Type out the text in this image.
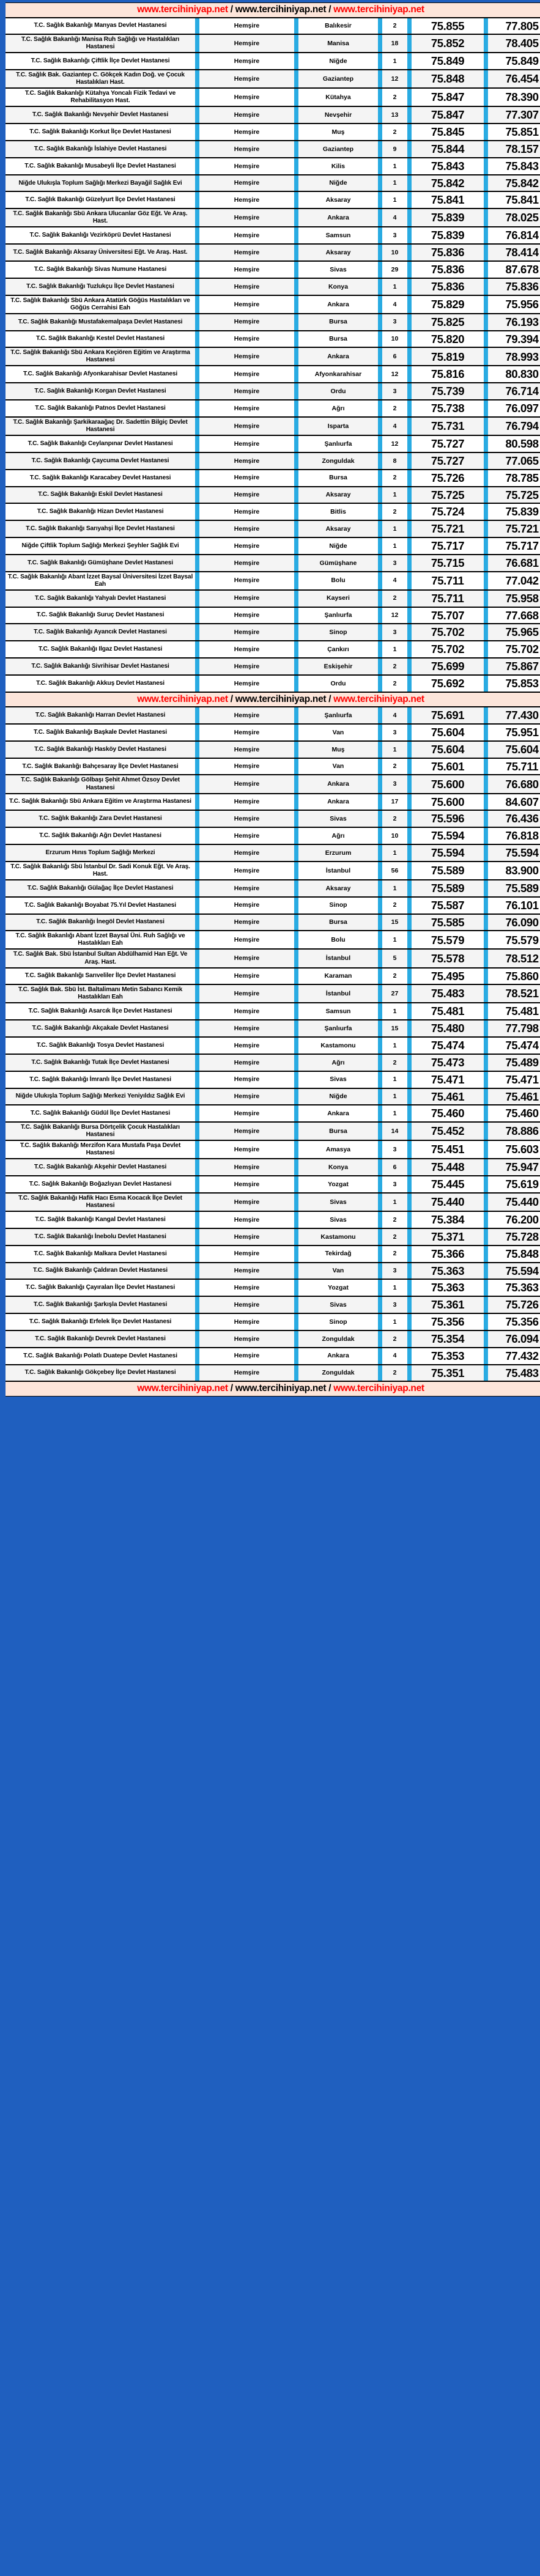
www.tercihiniyap.net / www.tercihiniyap.net / www.tercihiniyap.net										
T.C. Sağlık Bakanlığı Manyas Devlet Hastanesi		Hemşire		Balıkesir		2		75.855		77.805
T.C. Sağlık Bakanlığı Manisa Ruh Sağlığı ve Hastalıkları Hastanesi		Hemşire		Manisa		18		75.852		78.405
T.C. Sağlık Bakanlığı Çiftlik İlçe Devlet Hastanesi		Hemşire		Niğde		1		75.849		75.849
T.C. Sağlık Bak. Gaziantep C. Gökçek Kadın Doğ. ve Çocuk Hastalıkları Hast.		Hemşire		Gaziantep		12		75.848		76.454
T.C. Sağlık Bakanlığı Kütahya Yoncalı Fizik Tedavi ve Rehabilitasyon Hast.		Hemşire		Kütahya		2		75.847		78.390
T.C. Sağlık Bakanlığı Nevşehir Devlet Hastanesi		Hemşire		Nevşehir		13		75.847		77.307
T.C. Sağlık Bakanlığı Korkut İlçe Devlet Hastanesi		Hemşire		Muş		2		75.845		75.851
T.C. Sağlık Bakanlığı İslahiye Devlet Hastanesi		Hemşire		Gaziantep		9		75.844		78.157
T.C. Sağlık Bakanlığı Musabeyli İlçe Devlet Hastanesi		Hemşire		Kilis		1		75.843		75.843
Niğde Ulukışla Toplum Sağlığı Merkezi Bayağil Sağlık Evi		Hemşire		Niğde		1		75.842		75.842
T.C. Sağlık Bakanlığı Güzelyurt İlçe Devlet Hastanesi		Hemşire		Aksaray		1		75.841		75.841
T.C. Sağlık Bakanlığı Sbü Ankara Ulucanlar Göz Eğt. Ve Araş. Hast.		Hemşire		Ankara		4		75.839		78.025
T.C. Sağlık Bakanlığı Vezirköprü Devlet Hastanesi		Hemşire		Samsun		3		75.839		76.814
T.C. Sağlık Bakanlığı Aksaray Üniversitesi Eğt. Ve Araş. Hast.		Hemşire		Aksaray		10		75.836		78.414
T.C. Sağlık Bakanlığı Sivas Numune Hastanesi		Hemşire		Sivas		29		75.836		87.678
T.C. Sağlık Bakanlığı Tuzlukçu İlçe Devlet Hastanesi		Hemşire		Konya		1		75.836		75.836
T.C. Sağlık Bakanlığı Sbü Ankara Atatürk Göğüs Hastalıkları ve Göğüs Cerrahisi Eah		Hemşire		Ankara		4		75.829		75.956
T.C. Sağlık Bakanlığı Mustafakemalpaşa Devlet Hastanesi		Hemşire		Bursa		3		75.825		76.193
T.C. Sağlık Bakanlığı Kestel Devlet Hastanesi		Hemşire		Bursa		10		75.820		79.394
T.C. Sağlık Bakanlığı Sbü Ankara Keçiören Eğitim ve Araştırma Hastanesi		Hemşire		Ankara		6		75.819		78.993
T.C. Sağlık Bakanlığı Afyonkarahisar Devlet Hastanesi		Hemşire		Afyonkarahisar		12		75.816		80.830
T.C. Sağlık Bakanlığı Korgan Devlet Hastanesi		Hemşire		Ordu		3		75.739		76.714
T.C. Sağlık Bakanlığı Patnos Devlet Hastanesi		Hemşire		Ağrı		2		75.738		76.097
T.C. Sağlık Bakanlığı Şarkikaraağaç Dr. Sadettin Bilgiç Devlet Hastanesi		Hemşire		Isparta		4		75.731		76.794
T.C. Sağlık Bakanlığı Ceylanpınar Devlet Hastanesi		Hemşire		Şanlıurfa		12		75.727		80.598
T.C. Sağlık Bakanlığı Çaycuma Devlet Hastanesi		Hemşire		Zonguldak		8		75.727		77.065
T.C. Sağlık Bakanlığı Karacabey Devlet Hastanesi		Hemşire		Bursa		2		75.726		78.785
T.C. Sağlık Bakanlığı Eskil Devlet Hastanesi		Hemşire		Aksaray		1		75.725		75.725
T.C. Sağlık Bakanlığı Hizan Devlet Hastanesi		Hemşire		Bitlis		2		75.724		75.839
T.C. Sağlık Bakanlığı Sarıyahşi İlçe Devlet Hastanesi		Hemşire		Aksaray		1		75.721		75.721
Niğde Çiftlik Toplum Sağlığı Merkezi Şeyhler Sağlık Evi		Hemşire		Niğde		1		75.717		75.717
T.C. Sağlık Bakanlığı Gümüşhane Devlet Hastanesi		Hemşire		Gümüşhane		3		75.715		76.681
T.C. Sağlık Bakanlığı Abant İzzet Baysal Üniversitesi İzzet Baysal Eah		Hemşire		Bolu		4		75.711		77.042
T.C. Sağlık Bakanlığı Yahyalı Devlet Hastanesi		Hemşire		Kayseri		2		75.711		75.958
T.C. Sağlık Bakanlığı Suruç Devlet Hastanesi		Hemşire		Şanlıurfa		12		75.707		77.668
T.C. Sağlık Bakanlığı Ayancık Devlet Hastanesi		Hemşire		Sinop		3		75.702		75.965
T.C. Sağlık Bakanlığı Ilgaz Devlet Hastanesi		Hemşire		Çankırı		1		75.702		75.702
T.C. Sağlık Bakanlığı Sivrihisar Devlet Hastanesi		Hemşire		Eskişehir		2		75.699		75.867
T.C. Sağlık Bakanlığı Akkuş Devlet Hastanesi		Hemşire		Ordu		2		75.692		75.853
www.tercihiniyap.net / www.tercihiniyap.net / www.tercihiniyap.net										
T.C. Sağlık Bakanlığı Harran Devlet Hastanesi		Hemşire		Şanlıurfa		4		75.691		77.430
T.C. Sağlık Bakanlığı Başkale Devlet Hastanesi		Hemşire		Van		3		75.604		75.951
T.C. Sağlık Bakanlığı Hasköy Devlet Hastanesi		Hemşire		Muş		1		75.604		75.604
T.C. Sağlık Bakanlığı Bahçesaray İlçe Devlet Hastanesi		Hemşire		Van		2		75.601		75.711
T.C. Sağlık Bakanlığı Gölbaşı Şehit Ahmet Özsoy Devlet Hastanesi		Hemşire		Ankara		3		75.600		76.680
T.C. Sağlık Bakanlığı Sbü Ankara Eğitim ve Araştırma Hastanesi		Hemşire		Ankara		17		75.600		84.607
T.C. Sağlık Bakanlığı Zara Devlet Hastanesi		Hemşire		Sivas		2		75.596		76.436
T.C. Sağlık Bakanlığı Ağrı Devlet Hastanesi		Hemşire		Ağrı		10		75.594		76.818
Erzurum Hınıs Toplum Sağlığı Merkezi		Hemşire		Erzurum		1		75.594		75.594
T.C. Sağlık Bakanlığı Sbü İstanbul Dr. Sadi Konuk Eğt. Ve Araş. Hast.		Hemşire		İstanbul		56		75.589		83.900
T.C. Sağlık Bakanlığı Gülağaç İlçe Devlet Hastanesi		Hemşire		Aksaray		1		75.589		75.589
T.C. Sağlık Bakanlığı Boyabat 75.Yıl Devlet Hastanesi		Hemşire		Sinop		2		75.587		76.101
T.C. Sağlık Bakanlığı İnegöl Devlet Hastanesi		Hemşire		Bursa		15		75.585		76.090
T.C. Sağlık Bakanlığı Abant İzzet Baysal Üni. Ruh Sağlığı ve Hastalıkları Eah		Hemşire		Bolu		1		75.579		75.579
T.C. Sağlık Bak. Sbü İstanbul Sultan Abdülhamid Han Eğt. Ve Araş. Hast.		Hemşire		İstanbul		5		75.578		78.512
T.C. Sağlık Bakanlığı Sarıveliler İlçe Devlet Hastanesi		Hemşire		Karaman		2		75.495		75.860
T.C. Sağlık Bak. Sbü İst. Baltalimanı Metin Sabancı Kemik Hastalıkları Eah		Hemşire		İstanbul		27		75.483		78.521
T.C. Sağlık Bakanlığı Asarcık İlçe Devlet Hastanesi		Hemşire		Samsun		1		75.481		75.481
T.C. Sağlık Bakanlığı Akçakale Devlet Hastanesi		Hemşire		Şanlıurfa		15		75.480		77.798
T.C. Sağlık Bakanlığı Tosya Devlet Hastanesi		Hemşire		Kastamonu		1		75.474		75.474
T.C. Sağlık Bakanlığı Tutak İlçe Devlet Hastanesi		Hemşire		Ağrı		2		75.473		75.489
T.C. Sağlık Bakanlığı İmranlı İlçe Devlet Hastanesi		Hemşire		Sivas		1		75.471		75.471
Niğde Ulukışla Toplum Sağlığı Merkezi Yeniyıldız Sağlık Evi		Hemşire		Niğde		1		75.461		75.461
T.C. Sağlık Bakanlığı Güdül İlçe Devlet Hastanesi		Hemşire		Ankara		1		75.460		75.460
T.C. Sağlık Bakanlığı Bursa Dörtçelik Çocuk Hastalıkları Hastanesi		Hemşire		Bursa		14		75.452		78.886
T.C. Sağlık Bakanlığı Merzifon Kara Mustafa Paşa Devlet Hastanesi		Hemşire		Amasya		3		75.451		75.603
T.C. Sağlık Bakanlığı Akşehir Devlet Hastanesi		Hemşire		Konya		6		75.448		75.947
T.C. Sağlık Bakanlığı Boğazlıyan Devlet Hastanesi		Hemşire		Yozgat		3		75.445		75.619
T.C. Sağlık Bakanlığı Hafik Hacı Esma Kocacık İlçe Devlet Hastanesi		Hemşire		Sivas		1		75.440		75.440
T.C. Sağlık Bakanlığı Kangal Devlet Hastanesi		Hemşire		Sivas		2		75.384		76.200
T.C. Sağlık Bakanlığı İnebolu Devlet Hastanesi		Hemşire		Kastamonu		2		75.371		75.728
T.C. Sağlık Bakanlığı Malkara Devlet Hastanesi		Hemşire		Tekirdağ		2		75.366		75.848
T.C. Sağlık Bakanlığı Çaldıran Devlet Hastanesi		Hemşire		Van		3		75.363		75.594
T.C. Sağlık Bakanlığı Çayıralan İlçe Devlet Hastanesi		Hemşire		Yozgat		1		75.363		75.363
T.C. Sağlık Bakanlığı Şarkışla Devlet Hastanesi		Hemşire		Sivas		3		75.361		75.726
T.C. Sağlık Bakanlığı Erfelek İlçe Devlet Hastanesi		Hemşire		Sinop		1		75.356		75.356
T.C. Sağlık Bakanlığı Devrek Devlet Hastanesi		Hemşire		Zonguldak		2		75.354		76.094
T.C. Sağlık Bakanlığı Polatlı Duatepe Devlet Hastanesi		Hemşire		Ankara		4		75.353		77.432
T.C. Sağlık Bakanlığı Gökçebey İlçe Devlet Hastanesi		Hemşire		Zonguldak		2		75.351		75.483
www.tercihiniyap.net / www.tercihiniyap.net / www.tercihiniyap.net										
